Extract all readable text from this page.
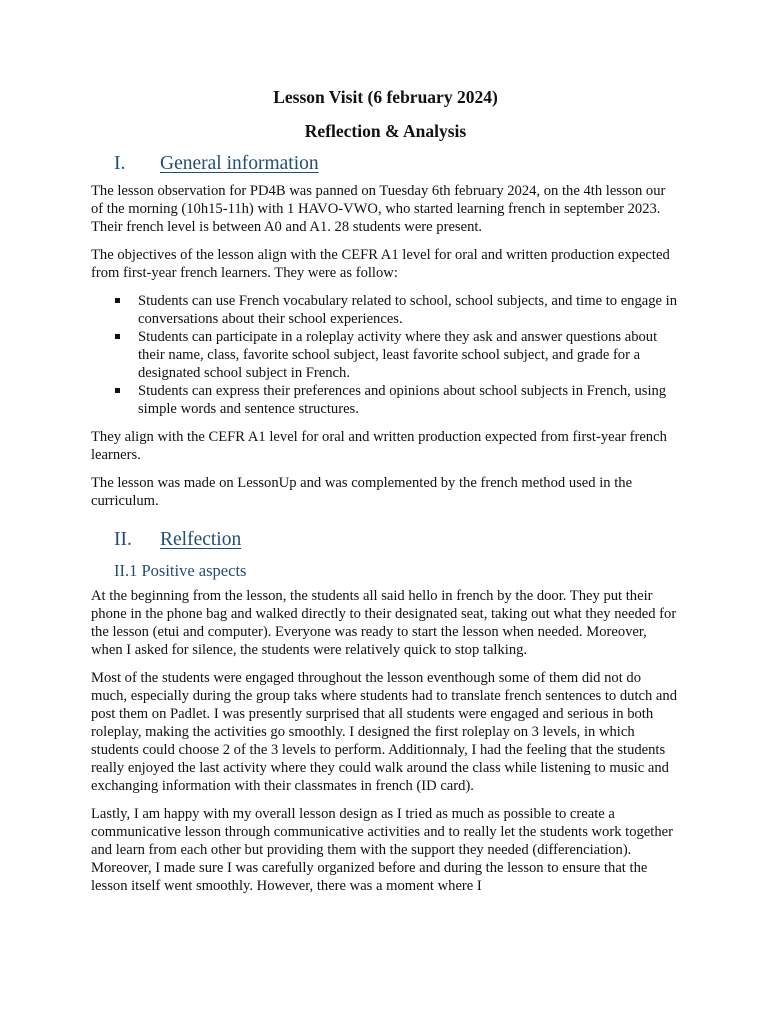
Lesson Visit (6 february 2024)
Reflection & Analysis
I.	General information

The lesson observation for PD4B was panned on Tuesday 6th february 2024, on the 4th lesson our of the morning (10h15-11h) with 1 HAVO-VWO, who started learning french in september 2023. Their french level is between A0 and A1. 28 students were present.

The objectives of the lesson align with the CEFR A1 level for oral and written production expected from first-year french learners. They were as follow:

Students can use French vocabulary related to school, school subjects, and time to engage in conversations about their school experiences.
Students can participate in a roleplay activity where they ask and answer questions about their name, class, favorite school subject, least favorite school subject, and grade for a designated school subject in French.
Students can express their preferences and opinions about school subjects in French, using simple words and sentence structures.

They align with the CEFR A1 level for oral and written production expected from first-year french learners.

The lesson was made on LessonUp and was complemented by the french method used in the curriculum.

II.	Relfection
II.1 Positive aspects

At the beginning from the lesson, the students all said hello in french by the door. They put their phone in the phone bag and walked directly to their designated seat, taking out what they needed for the lesson (etui and computer). Everyone was ready to start the lesson when needed. Moreover, when I asked for silence, the students were relatively quick to stop talking.

Most of the students were engaged throughout the lesson eventhough some of them did not do much, especially during the group taks where students had to translate french sentences to dutch and post them on Padlet. I was presently surprised that all students were engaged and serious in both roleplay, making the activities go smoothly. I designed the first roleplay on 3 levels, in which students could choose 2 of the 3 levels to perform. Additionnaly, I had the feeling that the students really enjoyed the last activity where they could walk around the class while listening to music and exchanging information with their classmates in french (ID card).

Lastly, I am happy with my overall lesson design as I tried as much as possible to create a communicative lesson through communicative activities and to really let the students work together and learn from each other but providing them with the support they needed (differenciation). Moreover, I made sure I was carefully organized before and during the lesson to ensure that the lesson itself went smoothly. However, there was a moment where I
